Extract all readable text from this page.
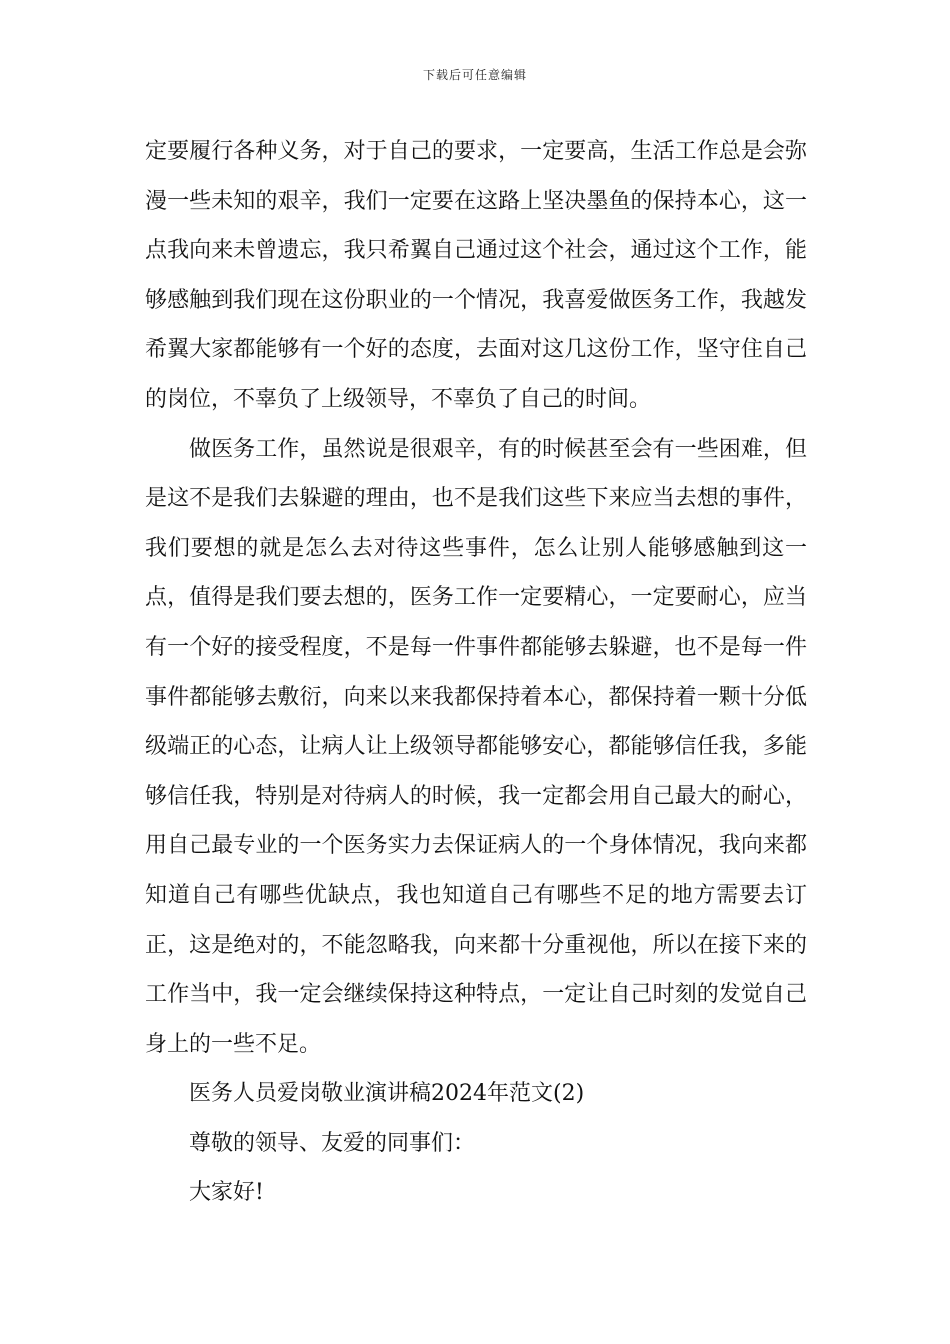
下载后可任意编辑

定要履行各种义务，对于自己的要求，一定要高，生活工作总是会弥漫一些未知的艰辛，我们一定要在这路上坚决墨鱼的保持本心，这一点我向来未曾遗忘，我只希翼自己通过这个社会，通过这个工作，能够感触到我们现在这份职业的一个情况，我喜爱做医务工作，我越发希翼大家都能够有一个好的态度，去面对这几这份工作，坚守住自己的岗位，不辜负了上级领导，不辜负了自己的时间。

做医务工作，虽然说是很艰辛，有的时候甚至会有一些困难，但是这不是我们去躲避的理由，也不是我们这些下来应当去想的事件，我们要想的就是怎么去对待这些事件，怎么让别人能够感触到这一点，值得是我们要去想的，医务工作一定要精心，一定要耐心，应当有一个好的接受程度，不是每一件事件都能够去躲避，也不是每一件事件都能够去敷衍，向来以来我都保持着本心，都保持着一颗十分低级端正的心态，让病人让上级领导都能够安心，都能够信任我，多能够信任我，特别是对待病人的时候，我一定都会用自己最大的耐心，用自己最专业的一个医务实力去保证病人的一个身体情况，我向来都知道自己有哪些优缺点，我也知道自己有哪些不足的地方需要去订正，这是绝对的，不能忽略我，向来都十分重视他，所以在接下来的工作当中，我一定会继续保持这种特点，一定让自己时刻的发觉自己身上的一些不足。

医务人员爱岗敬业演讲稿2024年范文(2)

尊敬的领导、友爱的同事们：

大家好!
